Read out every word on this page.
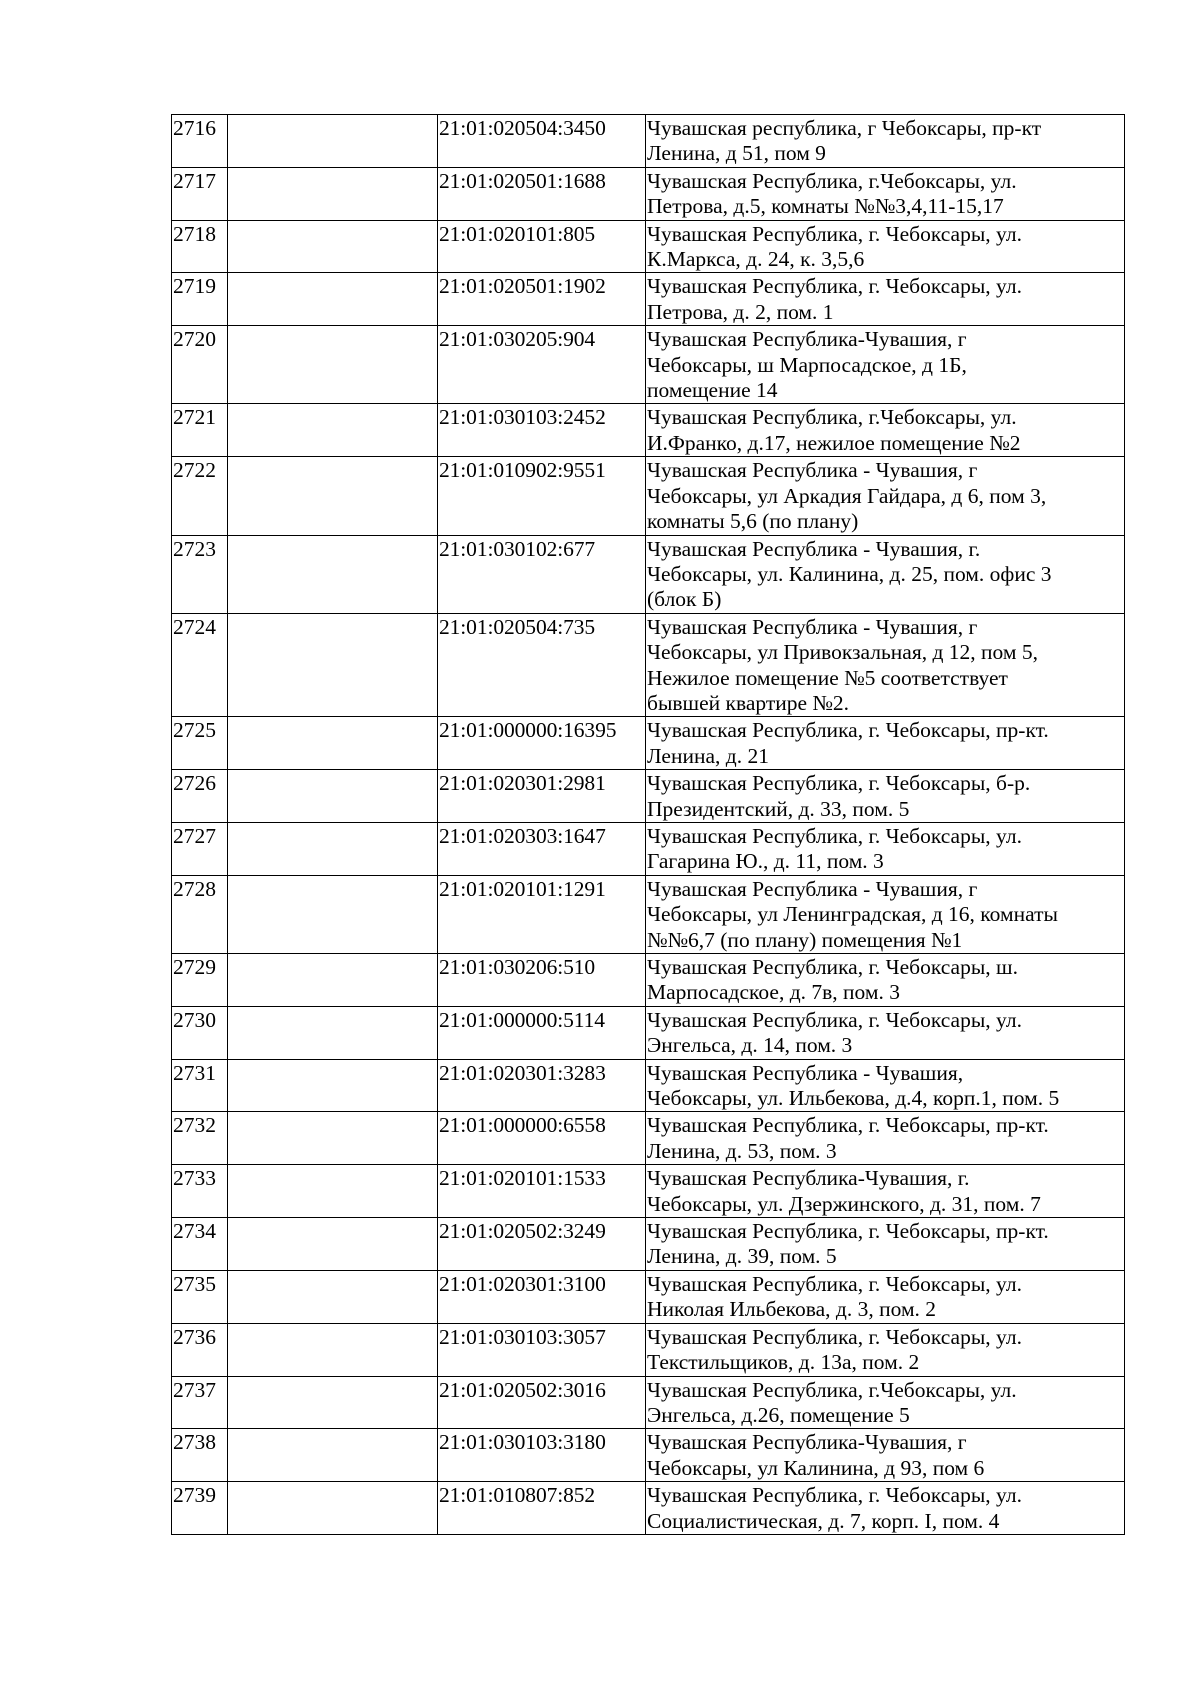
2716		21:01:020504:3450	Чувашская республика, г Чебоксары, пр-кт
Ленина, д 51, пом 9
2717		21:01:020501:1688	Чувашская Республика, г.Чебоксары, ул.
Петрова, д.5, комнаты №№3,4,11-15,17
2718		21:01:020101:805	Чувашская Республика, г. Чебоксары, ул.
К.Маркса, д. 24, к. 3,5,6
2719		21:01:020501:1902	Чувашская Республика, г. Чебоксары, ул.
Петрова, д. 2, пом. 1
2720		21:01:030205:904	Чувашская Республика-Чувашия, г
Чебоксары, ш Марпосадское, д 1Б,
помещение 14
2721		21:01:030103:2452	Чувашская Республика, г.Чебоксары, ул.
И.Франко, д.17, нежилое помещение №2
2722		21:01:010902:9551	Чувашская Республика - Чувашия, г
Чебоксары, ул Аркадия Гайдара, д 6, пом 3,
комнаты 5,6 (по плану)
2723		21:01:030102:677	Чувашская Республика - Чувашия, г.
Чебоксары, ул. Калинина, д. 25, пом. офис 3
(блок Б)
2724		21:01:020504:735	Чувашская Республика - Чувашия, г
Чебоксары, ул Привокзальная, д 12, пом 5,
Нежилое помещение №5 соответствует
бывшей квартире №2.
2725		21:01:000000:16395	Чувашская Республика, г. Чебоксары, пр-кт.
Ленина, д. 21
2726		21:01:020301:2981	Чувашская Республика, г. Чебоксары, б-р.
Президентский, д. 33, пом. 5
2727		21:01:020303:1647	Чувашская Республика, г. Чебоксары, ул.
Гагарина Ю., д. 11, пом. 3
2728		21:01:020101:1291	Чувашская Республика - Чувашия, г
Чебоксары, ул Ленинградская, д 16, комнаты
№№6,7 (по плану) помещения №1
2729		21:01:030206:510	Чувашская Республика, г. Чебоксары, ш.
Марпосадское, д. 7в, пом. 3
2730		21:01:000000:5114	Чувашская Республика, г. Чебоксары, ул.
Энгельса, д. 14, пом. 3
2731		21:01:020301:3283	Чувашская Республика - Чувашия,
Чебоксары, ул. Ильбекова, д.4, корп.1, пом. 5
2732		21:01:000000:6558	Чувашская Республика, г. Чебоксары, пр-кт.
Ленина, д. 53, пом. 3
2733		21:01:020101:1533	Чувашская Республика-Чувашия, г.
Чебоксары, ул. Дзержинского, д. 31, пом. 7
2734		21:01:020502:3249	Чувашская Республика, г. Чебоксары, пр-кт.
Ленина, д. 39, пом. 5
2735		21:01:020301:3100	Чувашская Республика, г. Чебоксары, ул.
Николая Ильбекова, д. 3, пом. 2
2736		21:01:030103:3057	Чувашская Республика, г. Чебоксары, ул.
Текстильщиков, д. 13а, пом. 2
2737		21:01:020502:3016	Чувашская Республика, г.Чебоксары, ул.
Энгельса, д.26, помещение 5
2738		21:01:030103:3180	Чувашская Республика-Чувашия, г
Чебоксары, ул Калинина, д 93, пом 6
2739		21:01:010807:852	Чувашская Республика, г. Чебоксары, ул.
Социалистическая, д. 7, корп. I, пом. 4
